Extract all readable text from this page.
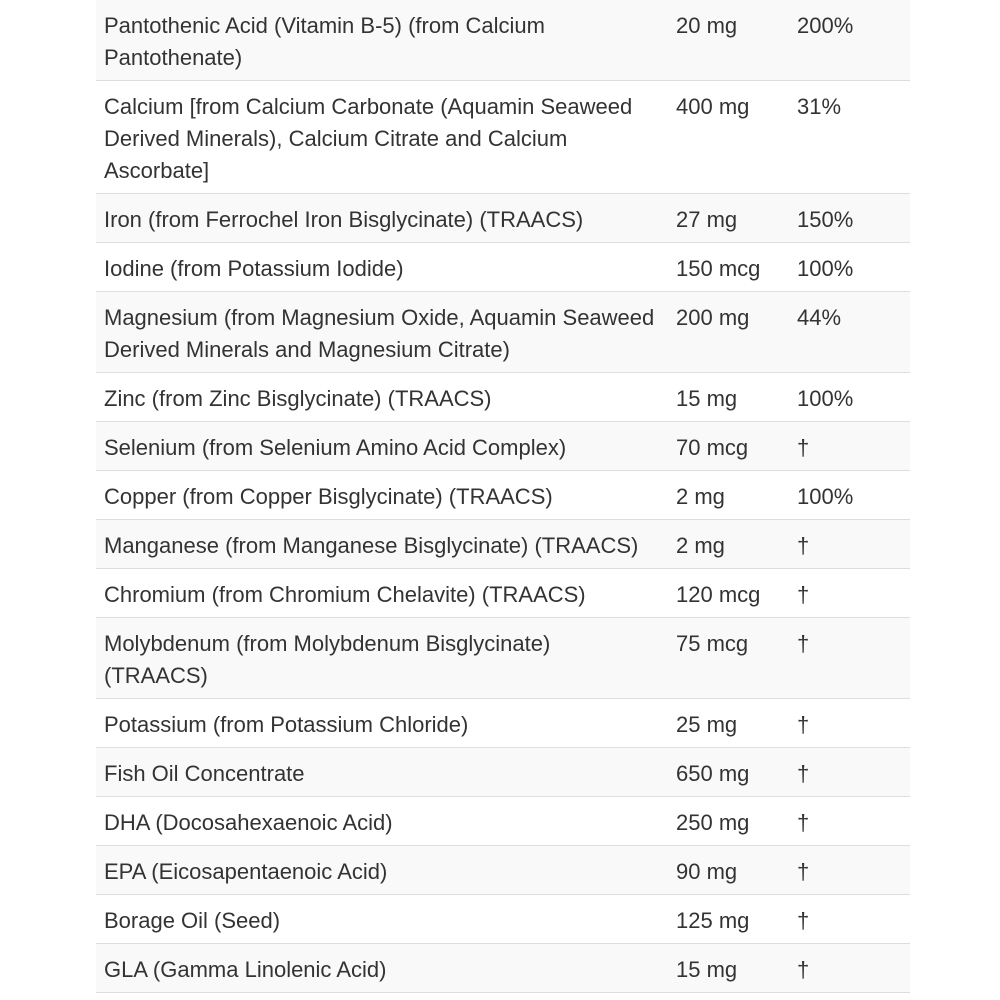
Pantothenic Acid (Vitamin B-5) (from Calcium Pantothenate)	20 mg	200%
Calcium [from Calcium Carbonate (Aquamin Seaweed Derived Minerals), Calcium Citrate and Calcium Ascorbate]	400 mg	31%
Iron (from Ferrochel Iron Bisglycinate) (TRAACS)	27 mg	150%
Iodine (from Potassium Iodide)	150 mcg	100%
Magnesium (from Magnesium Oxide, Aquamin Seaweed Derived Minerals and Magnesium Citrate)	200 mg	44%
Zinc (from Zinc Bisglycinate) (TRAACS)	15 mg	100%
Selenium (from Selenium Amino Acid Complex)	70 mcg	†
Copper (from Copper Bisglycinate) (TRAACS)	2 mg	100%
Manganese (from Manganese Bisglycinate) (TRAACS)	2 mg	†
Chromium (from Chromium Chelavite) (TRAACS)	120 mcg	†
Molybdenum (from Molybdenum Bisglycinate) (TRAACS)	75 mcg	†
Potassium (from Potassium Chloride)	25 mg	†
Fish Oil Concentrate	650 mg	†
DHA (Docosahexaenoic Acid)	250 mg	†
EPA (Eicosapentaenoic Acid)	90 mg	†
Borage Oil (Seed)	125 mg	†
GLA (Gamma Linolenic Acid)	15 mg	†
